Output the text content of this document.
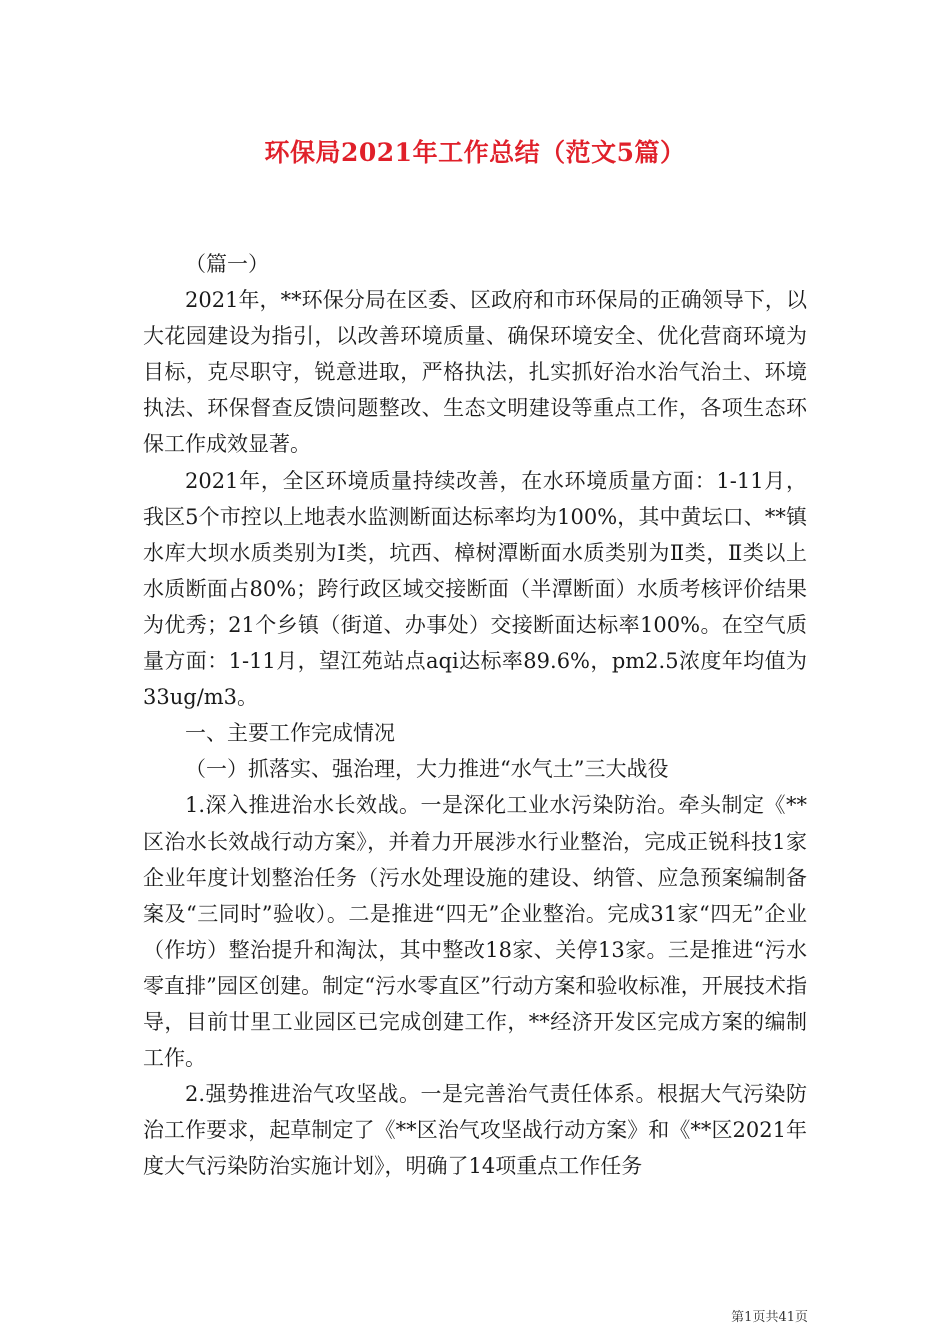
环保局2021年工作总结（范文5篇）

（篇一）

2021年，**环保分局在区委、区政府和市环保局的正确领导下，以大花园建设为指引，以改善环境质量、确保环境安全、优化营商环境为目标，克尽职守，锐意进取，严格执法，扎实抓好治水治气治土、环境执法、环保督查反馈问题整改、生态文明建设等重点工作，各项生态环保工作成效显著。

2021年，全区环境质量持续改善，在水环境质量方面：1-11月，我区5个市控以上地表水监测断面达标率均为100%，其中黄坛口、**镇水库大坝水质类别为Ⅰ类，坑西、樟树潭断面水质类别为Ⅱ类，Ⅱ类以上水质断面占80%；跨行政区域交接断面（半潭断面）水质考核评价结果为优秀；21个乡镇（街道、办事处）交接断面达标率100%。在空气质量方面：1-11月，望江苑站点aqi达标率89.6%，pm2.5浓度年均值为33ug/m3。

一、主要工作完成情况

（一）抓落实、强治理，大力推进“水气土”三大战役

1.深入推进治水长效战。一是深化工业水污染防治。牵头制定《**区治水长效战行动方案》，并着力开展涉水行业整治，完成正锐科技1家企业年度计划整治任务（污水处理设施的建设、纳管、应急预案编制备案及“三同时”验收）。二是推进“四无”企业整治。完成31家“四无”企业（作坊）整治提升和淘汰，其中整改18家、关停13家。三是推进“污水零直排”园区创建。制定“污水零直区”行动方案和验收标准，开展技术指导，目前廿里工业园区已完成创建工作，**经济开发区完成方案的编制工作。

2.强势推进治气攻坚战。一是完善治气责任体系。根据大气污染防治工作要求，起草制定了《**区治气攻坚战行动方案》和《**区2021年度大气污染防治实施计划》，明确了14项重点工作任务

第1页共41页
